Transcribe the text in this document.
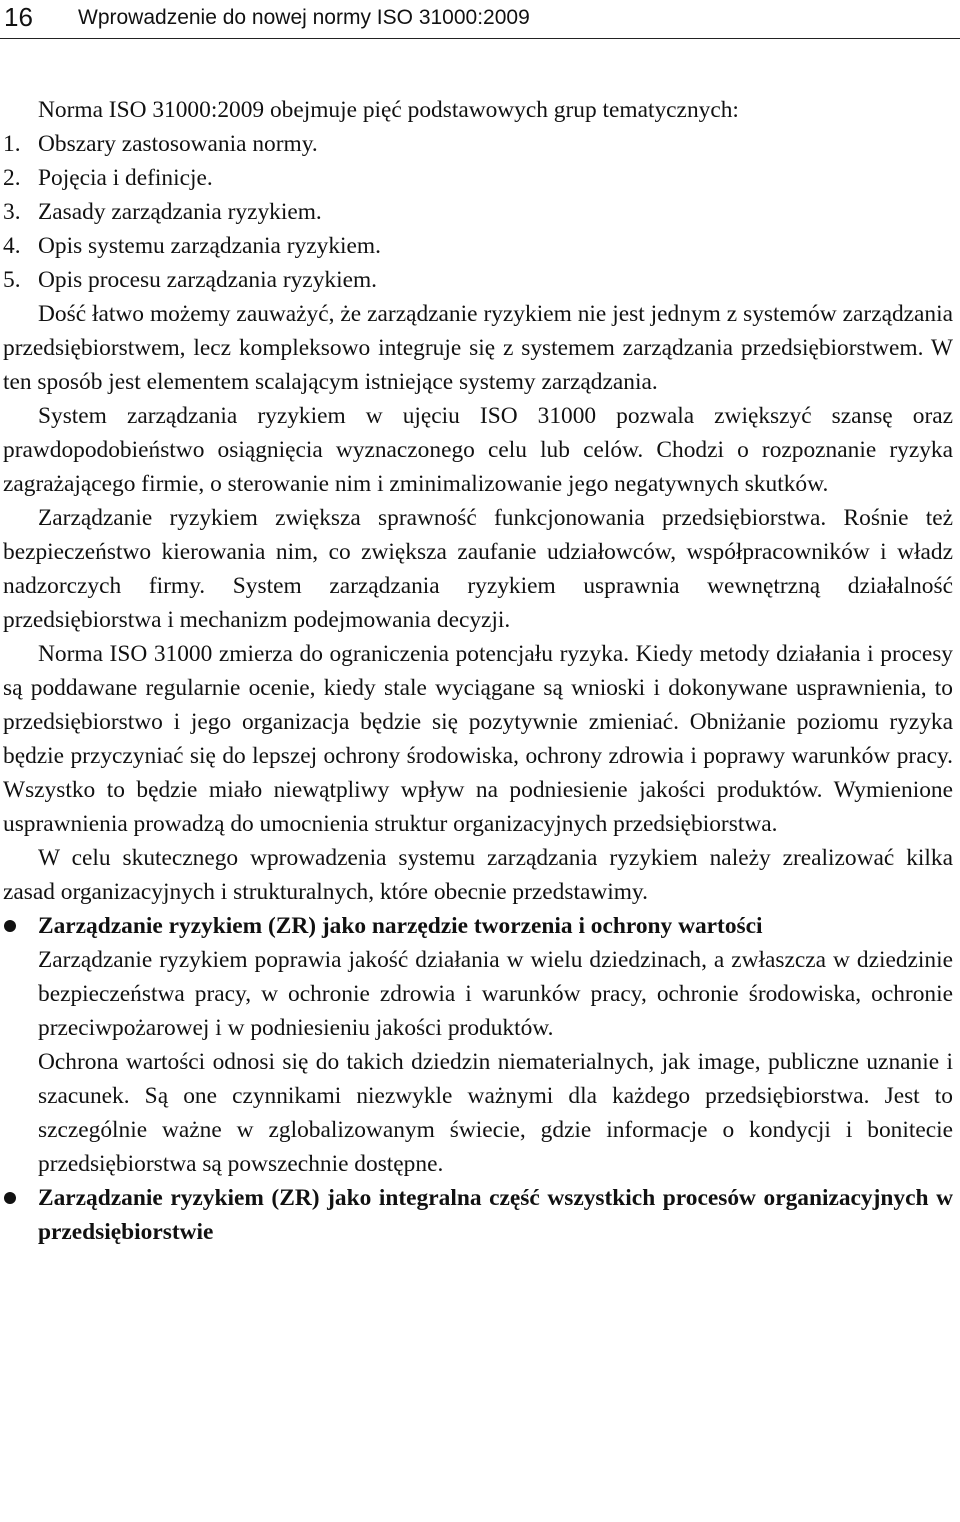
16 Wprowadzenie do nowej normy ISO 31000:2009

Norma ISO 31000:2009 obejmuje pięć podstawowych grup tematycznych:

1. Obszary zastosowania normy.
2. Pojęcia i definicje.
3. Zasady zarządzania ryzykiem.
4. Opis systemu zarządzania ryzykiem.
5. Opis procesu zarządzania ryzykiem.

Dość łatwo możemy zauważyć, że zarządzanie ryzykiem nie jest jednym z systemów zarządzania przedsiębiorstwem, lecz kompleksowo integruje się z systemem zarządzania przedsiębiorstwem. W ten sposób jest elementem scalającym istniejące systemy zarządzania.

System zarządzania ryzykiem w ujęciu ISO 31000 pozwala zwiększyć szansę oraz prawdopodobieństwo osiągnięcia wyznaczonego celu lub celów. Chodzi o rozpoznanie ryzyka zagrażającego firmie, o sterowanie nim i zminimalizowanie jego negatywnych skutków.

Zarządzanie ryzykiem zwiększa sprawność funkcjonowania przedsiębiorstwa. Rośnie też bezpieczeństwo kierowania nim, co zwiększa zaufanie udziałowców, współpracowników i władz nadzorczych firmy. System zarządzania ryzykiem usprawnia wewnętrzną działalność przedsiębiorstwa i mechanizm podejmowania decyzji.

Norma ISO 31000 zmierza do ograniczenia potencjału ryzyka. Kiedy metody działania i procesy są poddawane regularnie ocenie, kiedy stale wyciągane są wnioski i dokonywane usprawnienia, to przedsiębiorstwo i jego organizacja będzie się pozytywnie zmieniać. Obniżanie poziomu ryzyka będzie przyczyniać się do lepszej ochrony środowiska, ochrony zdrowia i poprawy warunków pracy. Wszystko to będzie miało niewątpliwy wpływ na podniesienie jakości produktów. Wymienione usprawnienia prowadzą do umocnienia struktur organizacyjnych przedsiębiorstwa.

W celu skutecznego wprowadzenia systemu zarządzania ryzykiem należy zrealizować kilka zasad organizacyjnych i strukturalnych, które obecnie przedstawimy.

Zarządzanie ryzykiem (ZR) jako narzędzie tworzenia i ochrony wartości

Zarządzanie ryzykiem poprawia jakość działania w wielu dziedzinach, a zwłaszcza w dziedzinie bezpieczeństwa pracy, w ochronie zdrowia i warunków pracy, ochronie środowiska, ochronie przeciwpożarowej i w podniesieniu jakości produktów.

Ochrona wartości odnosi się do takich dziedzin niematerialnych, jak image, publiczne uznanie i szacunek. Są one czynnikami niezwykle ważnymi dla każdego przedsiębiorstwa. Jest to szczególnie ważne w zglobalizowanym świecie, gdzie informacje o kondycji i bonitecie przedsiębiorstwa są powszechnie dostępne.

Zarządzanie ryzykiem (ZR) jako integralna część wszystkich procesów organizacyjnych w przedsiębiorstwie
